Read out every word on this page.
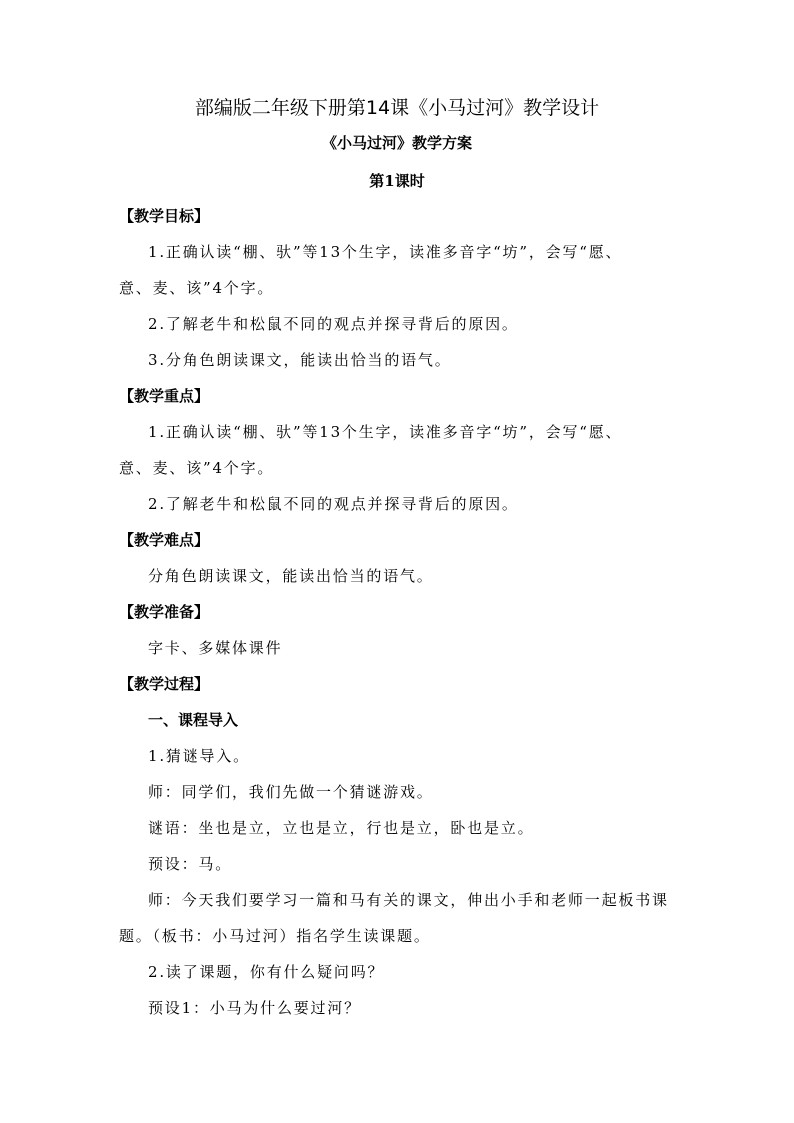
部编版二年级下册第14课《小马过河》教学设计
《小马过河》教学方案
第1课时
【教学目标】
1.正确认读“棚、驮”等13个生字，读准多音字“坊”，会写“愿、
意、麦、该”4个字。
2.了解老牛和松鼠不同的观点并探寻背后的原因。
3.分角色朗读课文，能读出恰当的语气。
【教学重点】
1.正确认读“棚、驮”等13个生字，读准多音字“坊”，会写“愿、
意、麦、该”4个字。
2.了解老牛和松鼠不同的观点并探寻背后的原因。
【教学难点】
分角色朗读课文，能读出恰当的语气。
【教学准备】
字卡、多媒体课件
【教学过程】
一、课程导入
1.猜谜导入。
师：同学们，我们先做一个猜谜游戏。
谜语：坐也是立，立也是立，行也是立，卧也是立。
预设：马。
师：今天我们要学习一篇和马有关的课文，伸出小手和老师一起板书课
题。（板书：小马过河）指名学生读课题。
2.读了课题，你有什么疑问吗？
预设1：小马为什么要过河？
